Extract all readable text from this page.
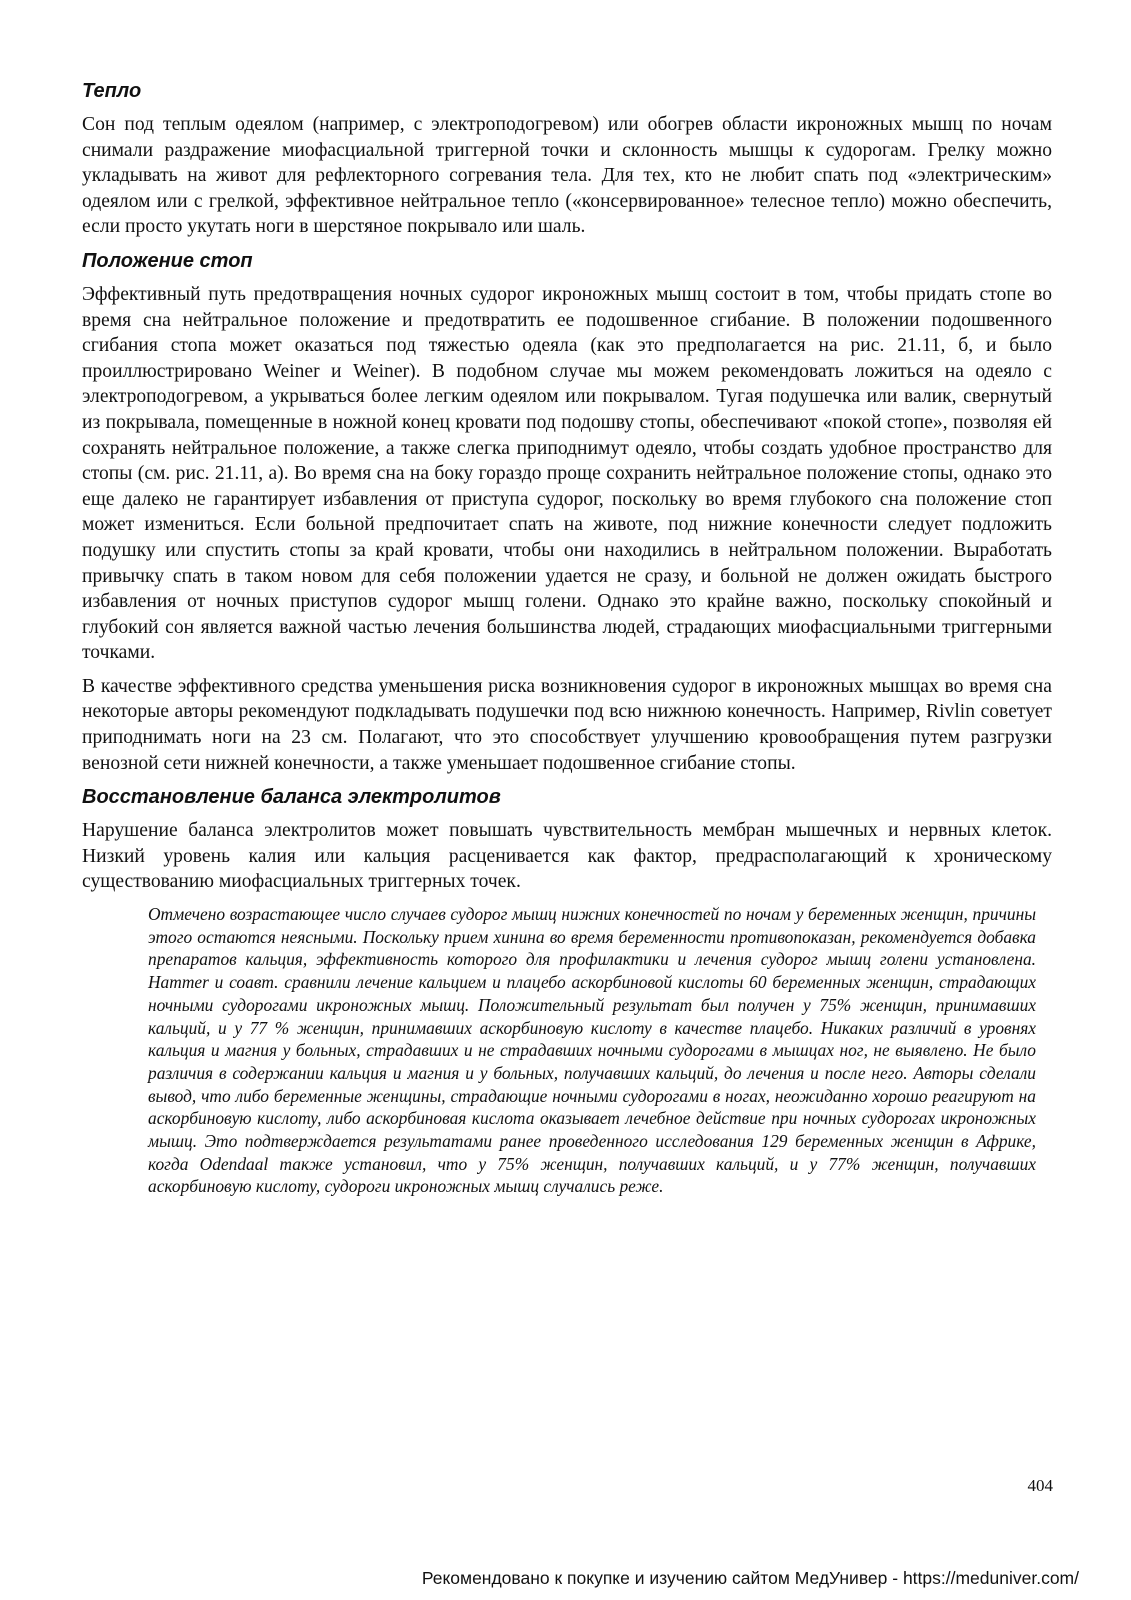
Тепло

Сон под теплым одеялом (например, с электроподогревом) или обогрев области икроножных мышц по ночам снимали раздражение миофасциальной триггерной точки и склонность мышцы к судорогам. Грелку можно укладывать на живот для рефлекторного согревания тела. Для тех, кто не любит спать под «электрическим» одеялом или с грелкой, эффективное нейтральное тепло («консервированное» телесное тепло) можно обеспечить, если просто укутать ноги в шерстяное покрывало или шаль.

Положение стоп

Эффективный путь предотвращения ночных судорог икроножных мышц состоит в том, чтобы придать стопе во время сна нейтральное положение и предотвратить ее подошвенное сгибание. В положении подошвенного сгибания стопа может оказаться под тяжестью одеяла (как это предполагается на рис. 21.11, б, и было проиллюстрировано Weiner и Weiner). В подобном случае мы можем рекомендовать ложиться на одеяло с электроподогревом, а укрываться более легким одеялом или покрывалом. Тугая подушечка или валик, свернутый из покрывала, помещенные в ножной конец кровати под подошву стопы, обеспечивают «покой стопе», позволяя ей сохранять нейтральное положение, а также слегка приподнимут одеяло, чтобы создать удобное пространство для стопы (см. рис. 21.11, а). Во время сна на боку гораздо проще сохранить нейтральное положение стопы, однако это еще далеко не гарантирует избавления от приступа судорог, поскольку во время глубокого сна положение стоп может измениться. Если больной предпочитает спать на животе, под нижние конечности следует подложить подушку или спустить стопы за край кровати, чтобы они находились в нейтральном положении. Выработать привычку спать в таком новом для себя положении удается не сразу, и больной не должен ожидать быстрого избавления от ночных приступов судорог мышц голени. Однако это крайне важно, поскольку спокойный и глубокий сон является важной частью лечения большинства людей, страдающих миофасциальными триггерными точками.

В качестве эффективного средства уменьшения риска возникновения судорог в икроножных мышцах во время сна некоторые авторы рекомендуют подкладывать подушечки под всю нижнюю конечность. Например, Rivlin советует приподнимать ноги на 23 см. Полагают, что это способствует улучшению кровообращения путем разгрузки венозной сети нижней конечности, а также уменьшает подошвенное сгибание стопы.

Восстановление баланса электролитов

Нарушение баланса электролитов может повышать чувствительность мембран мышечных и нервных клеток. Низкий уровень калия или кальция расценивается как фактор, предрасполагающий к хроническому существованию миофасциальных триггерных точек.

Отмечено возрастающее число случаев судорог мышц нижних конечностей по ночам у беременных женщин, причины этого остаются неясными. Поскольку прием хинина во время беременности противопоказан, рекомендуется добавка препаратов кальция, эффективность которого для профилактики и лечения судорог мышц голени установлена. Hammer и соавт. сравнили лечение кальцием и плацебо аскорбиновой кислоты 60 беременных женщин, страдающих ночными судорогами икроножных мышц. Положительный результат был получен у 75% женщин, принимавших кальций, и у 77 % женщин, принимавших аскорбиновую кислоту в качестве плацебо. Никаких различий в уровнях кальция и магния у больных, страдавших и не страдавших ночными судорогами в мышцах ног, не выявлено. Не было различия в содержании кальция и магния и у больных, получавших кальций, до лечения и после него. Авторы сделали вывод, что либо беременные женщины, страдающие ночными судорогами в ногах, неожиданно хорошо реагируют на аскорбиновую кислоту, либо аскорбиновая кислота оказывает лечебное действие при ночных судорогах икроножных мышц. Это подтверждается результатами ранее проведенного исследования 129 беременных женщин в Африке, когда Odendaal также установил, что у 75% женщин, получавших кальций, и у 77% женщин, получавших аскорбиновую кислоту, судороги икроножных мышц случались реже.

404
Рекомендовано к покупке и изучению сайтом МедУнивер - https://meduniver.com/
